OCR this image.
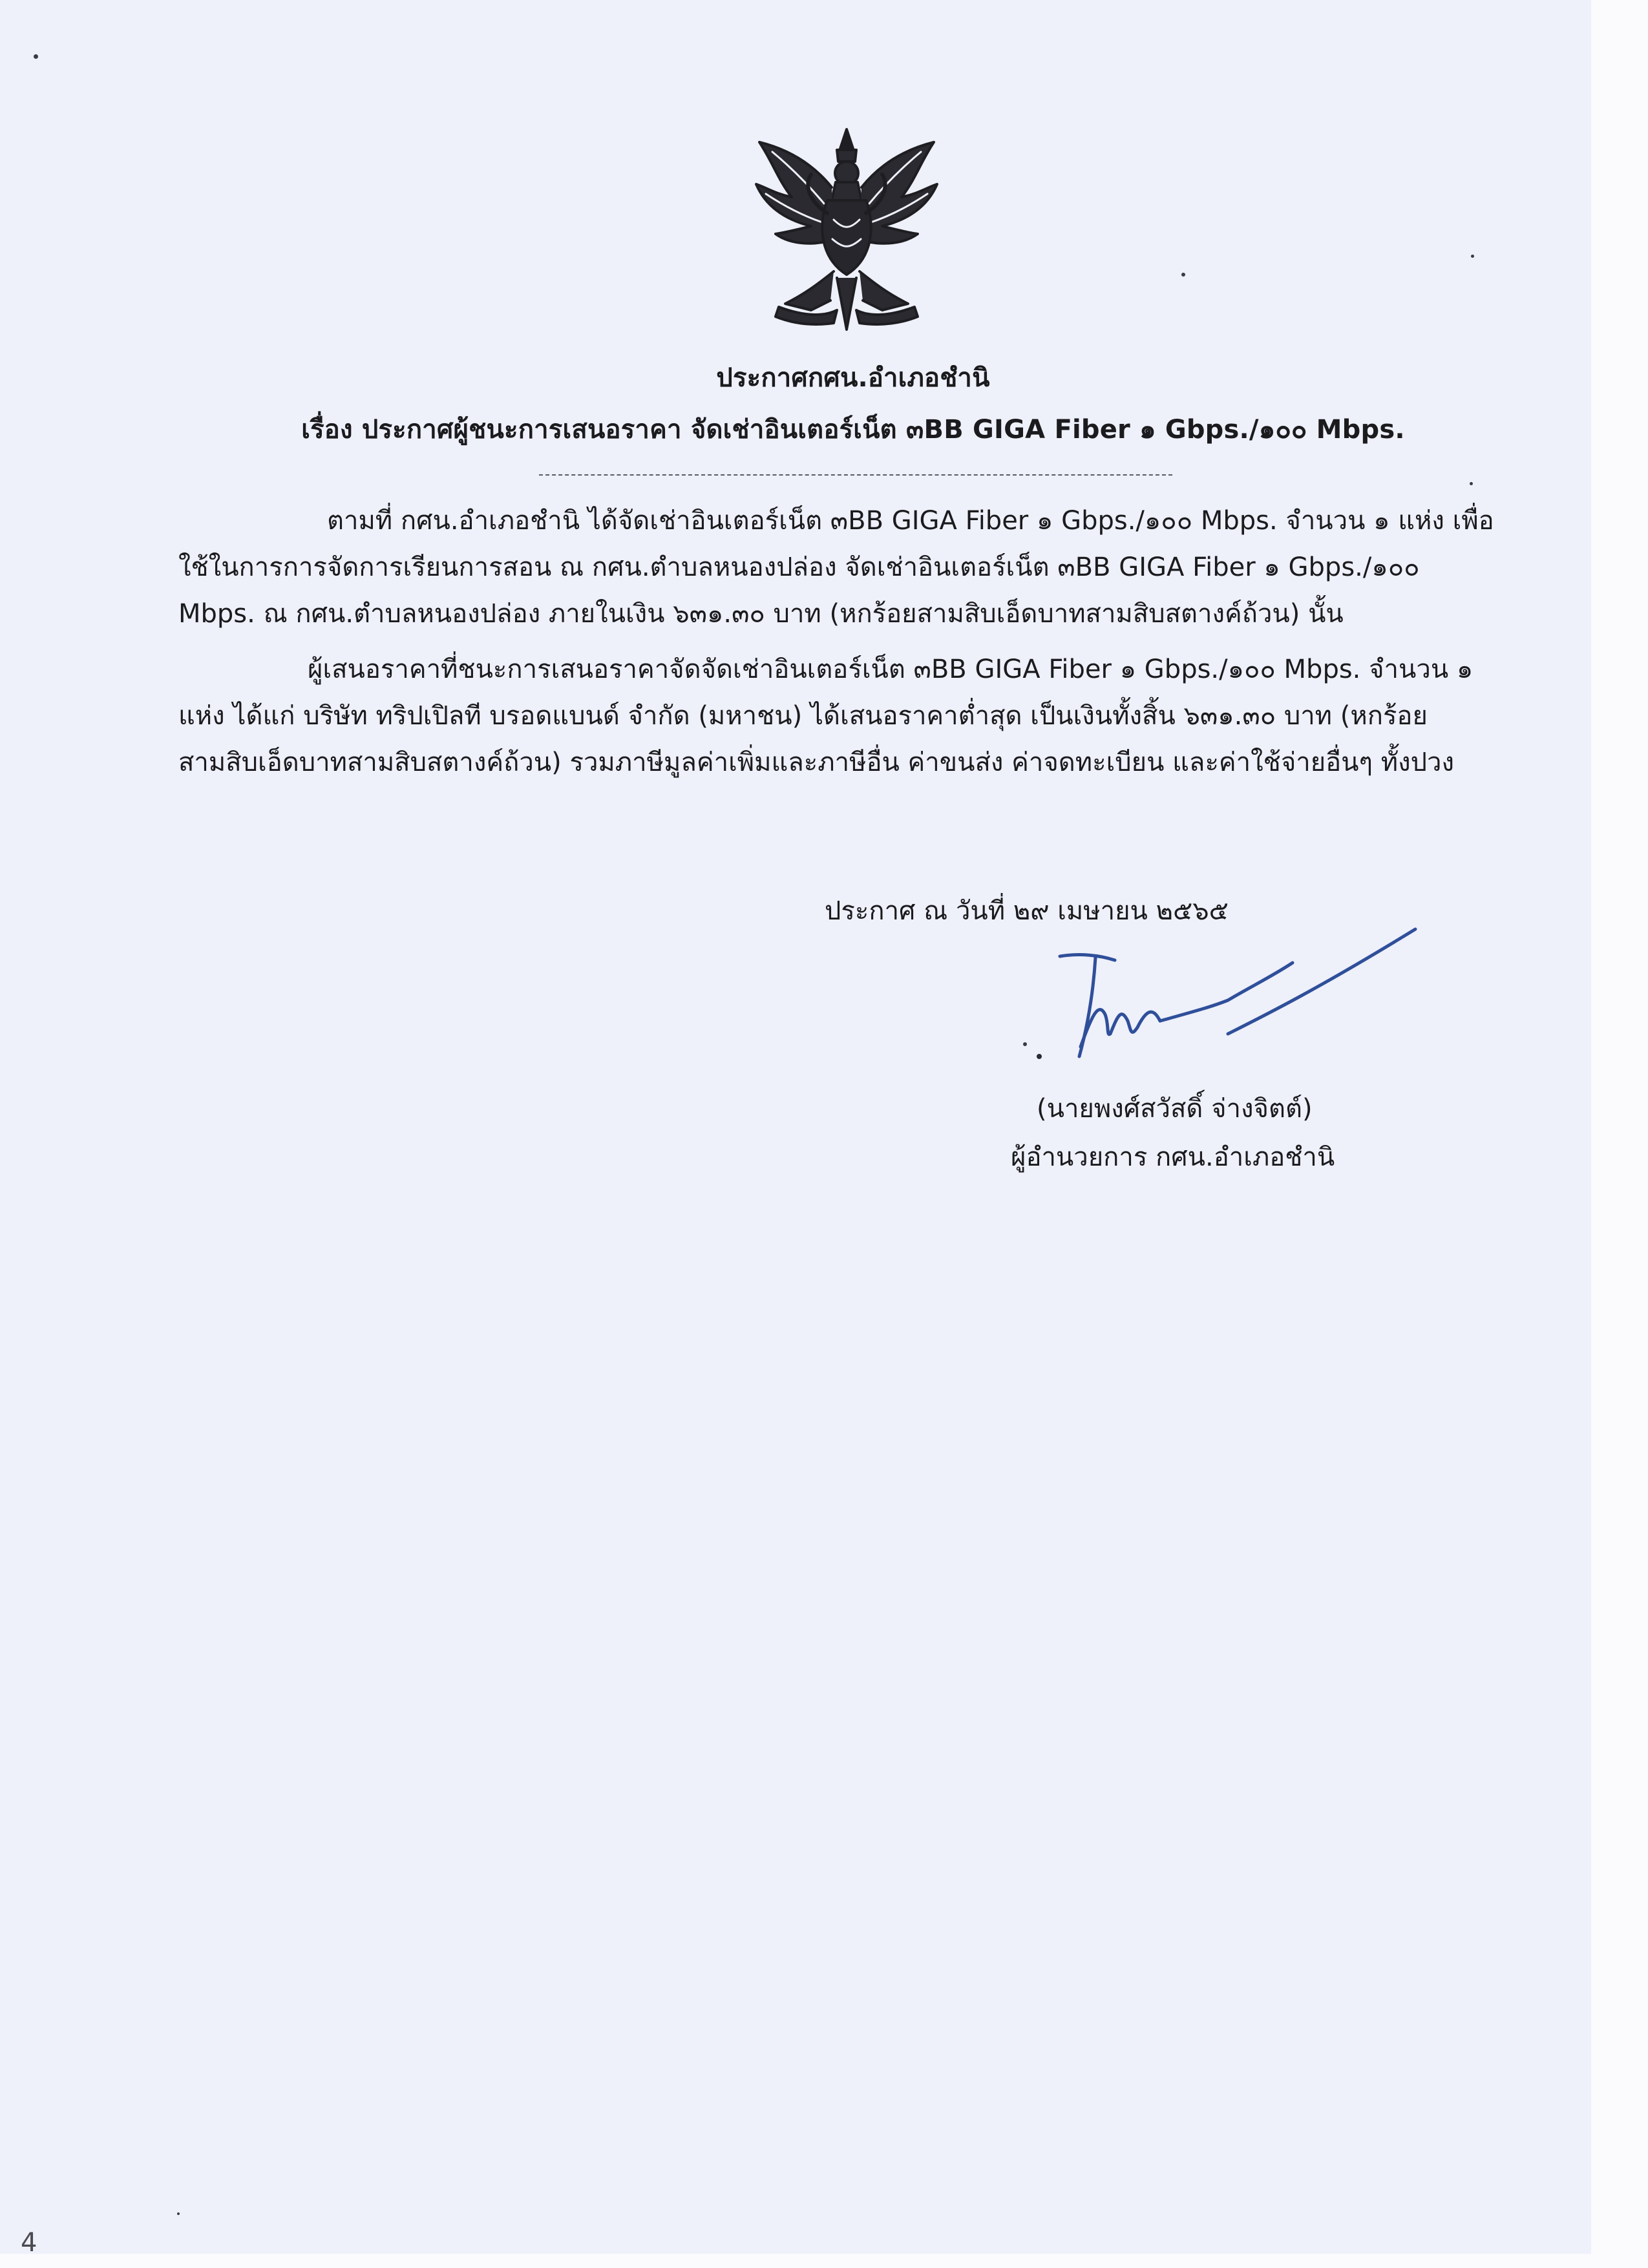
ประกาศกศน.อำเภอชำนิ
เรื่อง ประกาศผู้ชนะการเสนอราคา จัดเช่าอินเตอร์เน็ต ๓BB GIGA Fiber ๑ Gbps./๑๐๐ Mbps.
ตามที่ กศน.อำเภอชำนิ ได้จัดเช่าอินเตอร์เน็ต ๓BB GIGA Fiber ๑ Gbps./๑๐๐ Mbps. จำนวน ๑ แห่ง เพื่อใช้ในการการจัดการเรียนการสอน ณ กศน.ตำบลหนองปล่อง จัดเช่าอินเตอร์เน็ต ๓BB GIGA Fiber ๑ Gbps./๑๐๐ Mbps. ณ กศน.ตำบลหนองปล่อง ภายในเงิน ๖๓๑.๓๐ บาท (หกร้อยสามสิบเอ็ดบาทสามสิบสตางค์ถ้วน) นั้น
ผู้เสนอราคาที่ชนะการเสนอราคาจัดจัดเช่าอินเตอร์เน็ต ๓BB GIGA Fiber ๑ Gbps./๑๐๐ Mbps. จำนวน ๑ แห่ง ได้แก่ บริษัท ทริปเปิลที บรอดแบนด์ จำกัด (มหาชน) ได้เสนอราคาต่ำสุด เป็นเงินทั้งสิ้น ๖๓๑.๓๐ บาท (หกร้อยสามสิบเอ็ดบาทสามสิบสตางค์ถ้วน) รวมภาษีมูลค่าเพิ่มและภาษีอื่น ค่าขนส่ง ค่าจดทะเบียน และค่าใช้จ่ายอื่นๆ ทั้งปวง
ประกาศ ณ วันที่ ๒๙ เมษายน ๒๕๖๕
(นายพงศ์สวัสดิ์ จ่างจิตต์)
ผู้อำนวยการ กศน.อำเภอชำนิ
4
